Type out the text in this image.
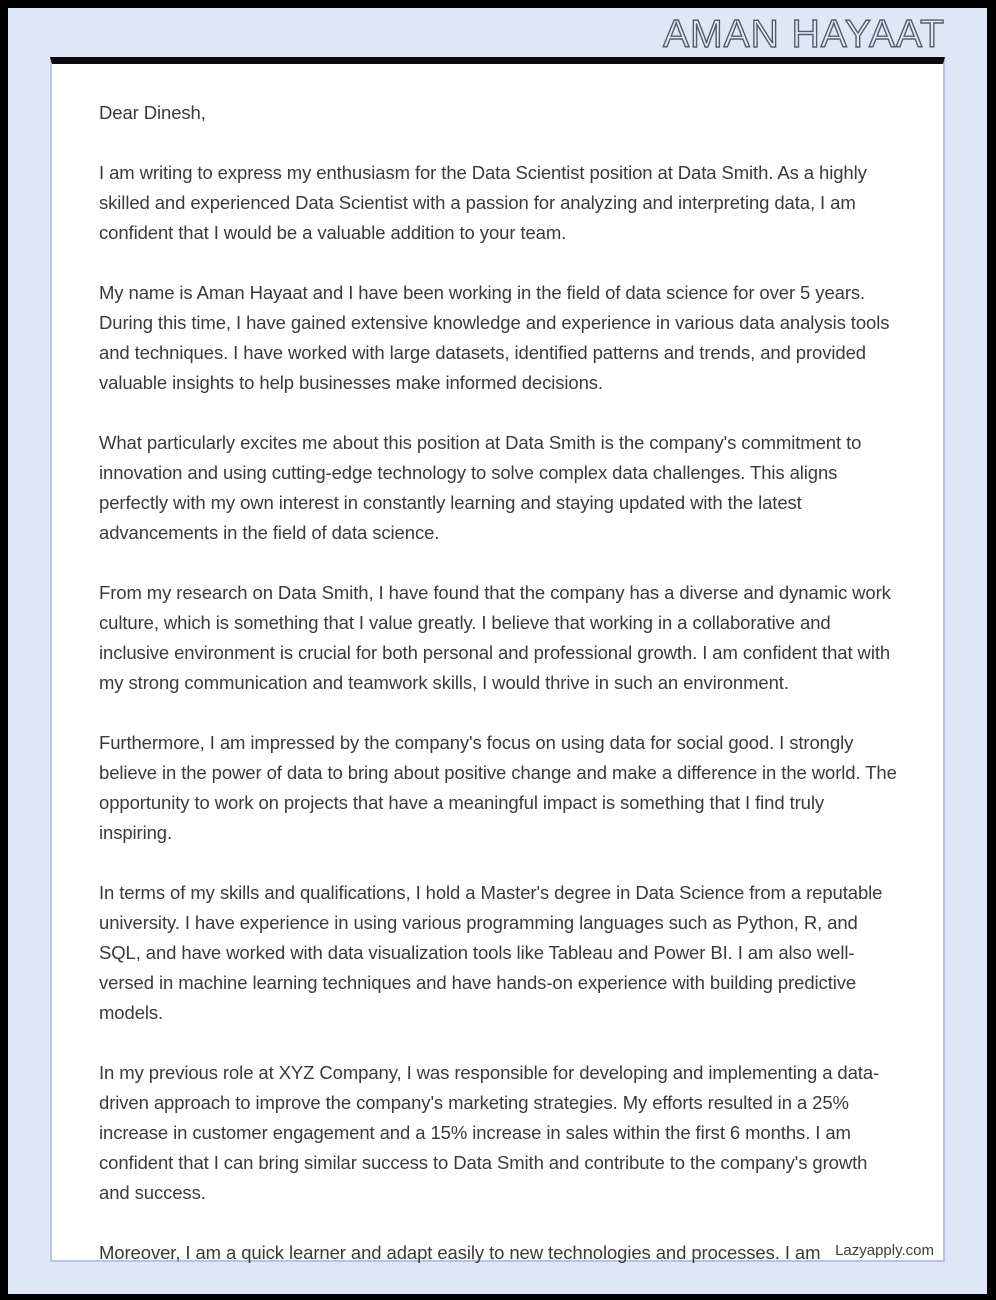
AMAN HAYAAT
Lazyapply.com

Dear Dinesh,

I am writing to express my enthusiasm for the Data Scientist position at Data Smith. As a highly skilled and experienced Data Scientist with a passion for analyzing and interpreting data, I am confident that I would be a valuable addition to your team.

My name is Aman Hayaat and I have been working in the field of data science for over 5 years. During this time, I have gained extensive knowledge and experience in various data analysis tools and techniques. I have worked with large datasets, identified patterns and trends, and provided valuable insights to help businesses make informed decisions.

What particularly excites me about this position at Data Smith is the company's commitment to innovation and using cutting-edge technology to solve complex data challenges. This aligns perfectly with my own interest in constantly learning and staying updated with the latest advancements in the field of data science.

From my research on Data Smith, I have found that the company has a diverse and dynamic work culture, which is something that I value greatly. I believe that working in a collaborative and inclusive environment is crucial for both personal and professional growth. I am confident that with my strong communication and teamwork skills, I would thrive in such an environment.

Furthermore, I am impressed by the company's focus on using data for social good. I strongly believe in the power of data to bring about positive change and make a difference in the world. The opportunity to work on projects that have a meaningful impact is something that I find truly inspiring.

In terms of my skills and qualifications, I hold a Master's degree in Data Science from a reputable university. I have experience in using various programming languages such as Python, R, and SQL, and have worked with data visualization tools like Tableau and Power BI. I am also well-versed in machine learning techniques and have hands-on experience with building predictive models.

In my previous role at XYZ Company, I was responsible for developing and implementing a data-driven approach to improve the company's marketing strategies. My efforts resulted in a 25% increase in customer engagement and a 15% increase in sales within the first 6 months. I am confident that I can bring similar success to Data Smith and contribute to the company's growth and success.

Moreover, I am a quick learner and adapt easily to new technologies and processes. I am
